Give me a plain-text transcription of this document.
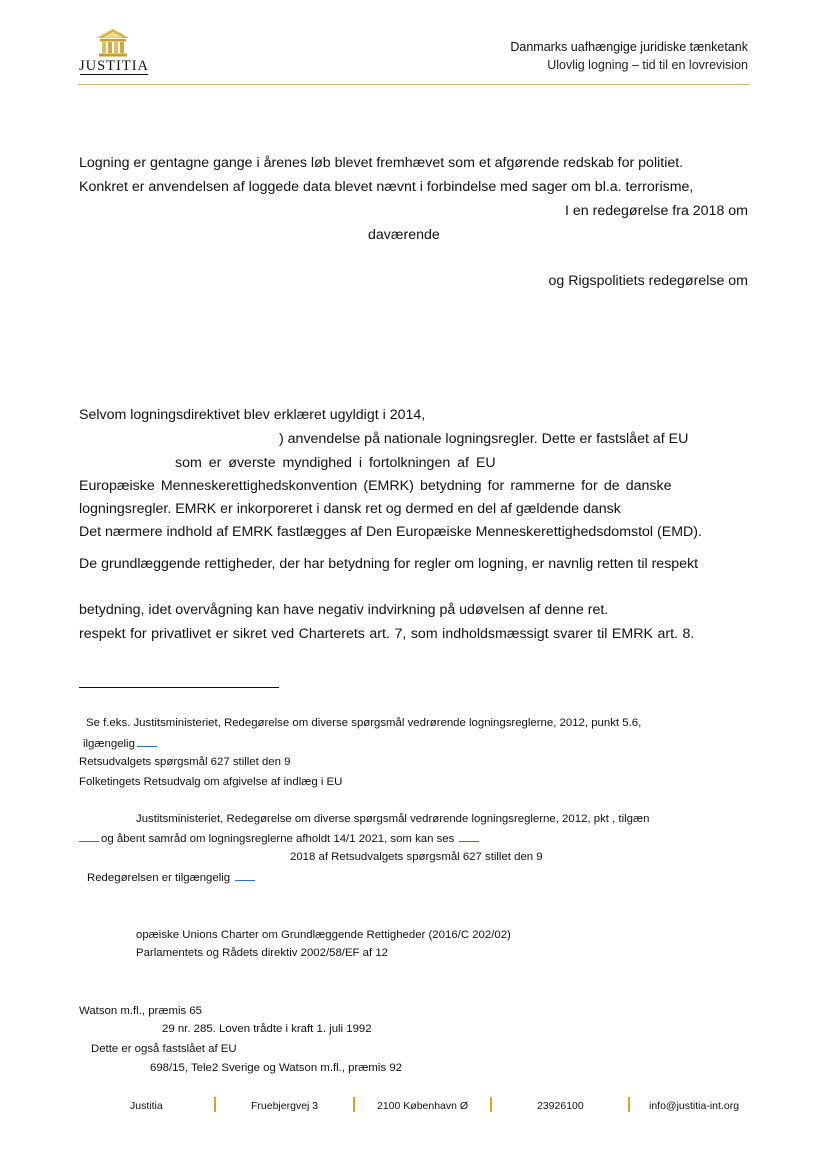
JUSTITIA
Danmarks uafhængige juridiske tænketank
Ulovlig logning – tid til en lovrevision
Logning er gentagne gange i årenes løb blevet fremhævet som et afgørende redskab for politiet.
Konkret er anvendelsen af loggede data blevet nævnt i forbindelse med sager om bl.a. terrorisme,
I en redegørelse fra 2018 om
daværende
og Rigspolitiets redegørelse om
Selvom logningsdirektivet blev erklæret ugyldigt i 2014,
) anvendelse på nationale logningsregler. Dette er fastslået af EU
som er øverste myndighed i fortolkningen af EU
Europæiske Menneskerettighedskonvention (EMRK) betydning for rammerne for de danske
logningsregler. EMRK er inkorporeret i dansk ret og dermed en del af gældende dansk
Det nærmere indhold af EMRK fastlægges af Den Europæiske Menneskerettighedsdomstol (EMD).
De grundlæggende rettigheder, der har betydning for regler om logning, er navnlig retten til respekt
betydning, idet overvågning kan have negativ indvirkning på udøvelsen af denne ret.
respekt for privatlivet er sikret ved Charterets art. 7, som indholdsmæssigt svarer til EMRK art. 8.
Se f.eks. Justitsministeriet, Redegørelse om diverse spørgsmål vedrørende logningsreglerne, 2012, punkt 5.6,
ilgængelig
Retsudvalgets spørgsmål 627 stillet den 9
Folketingets Retsudvalg om afgivelse af indlæg i EU
Justitsministeriet, Redegørelse om diverse spørgsmål vedrørende logningsreglerne, 2012, pkt , tilgæn
og åbent samråd om logningsreglerne afholdt 14/1 2021, som kan ses
2018 af Retsudvalgets spørgsmål 627 stillet den 9
Redegørelsen er tilgængelig
opæiske Unions Charter om Grundlæggende Rettigheder (2016/C 202/02)
Parlamentets og Rådets direktiv 2002/58/EF af 12
Watson m.fl., præmis 65
29 nr. 285. Loven trådte i kraft 1. juli 1992
Dette er også fastslået af EU
698/15, Tele2 Sverige og Watson m.fl., præmis 92
Justitia	Fruebjergvej 3	2100 København Ø	23926100	info@justitia-int.org
